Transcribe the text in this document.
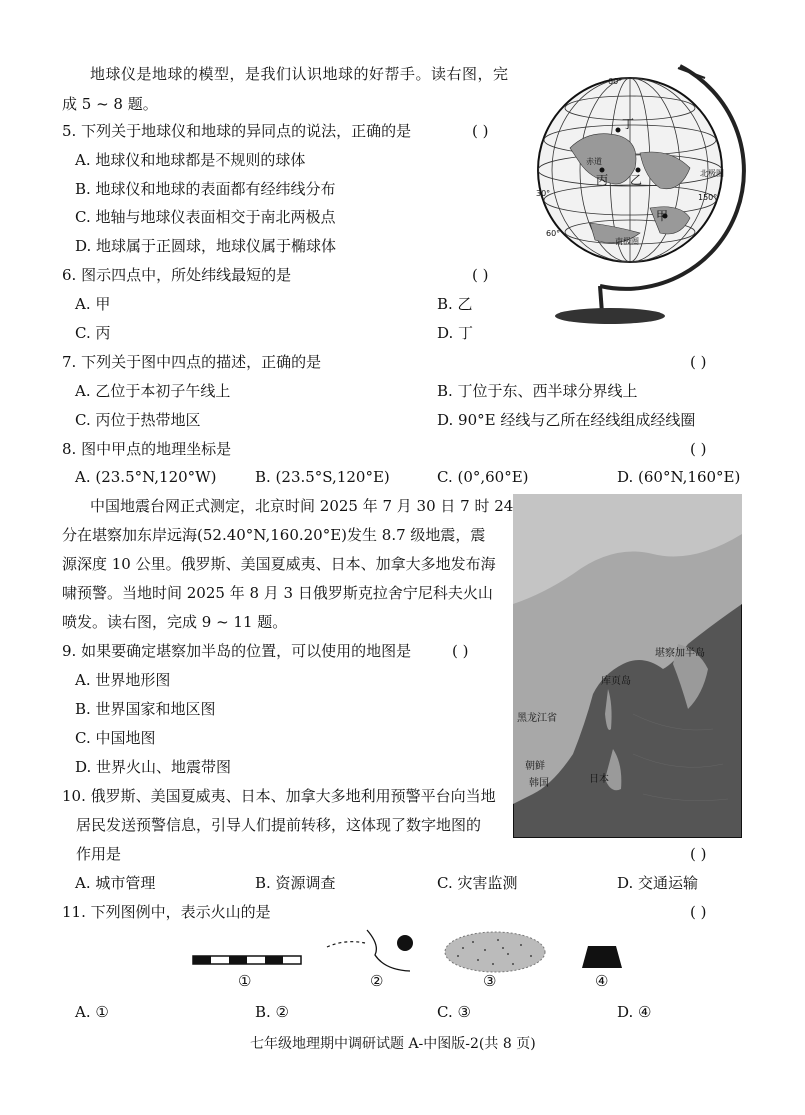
地球仪是地球的模型，是我们认识地球的好帮手。读右图，完
成 5 ~ 8 题。
5. 下列关于地球仪和地球的异同点的说法，正确的是	( )
A. 地球仪和地球都是不规则的球体
B. 地球仪和地球的表面都有经纬线分布
C. 地轴与地球仪表面相交于南北两极点
D. 地球属于正圆球，地球仪属于椭球体
6. 图示四点中，所处纬线最短的是	( )
A. 甲	B. 乙
C. 丙	D. 丁
7. 下列关于图中四点的描述，正确的是	( )
A. 乙位于本初子午线上	B. 丁位于东、西半球分界线上
C. 丙位于热带地区	D. 90°E 经线与乙所在经线组成经线圈
8. 图中甲点的地理坐标是	( )
A. (23.5°N,120°W)	B. (23.5°S,120°E)	C. (0°,60°E)	D. (60°N,160°E)
中国地震台网正式测定，北京时间 2025 年 7 月 30 日 7 时 24
分在堪察加东岸远海(52.40°N,160.20°E)发生 8.7 级地震，震
源深度 10 公里。俄罗斯、美国夏威夷、日本、加拿大多地发布海
啸预警。当地时间 2025 年 8 月 3 日俄罗斯克拉舍宁尼科夫火山
喷发。读右图，完成 9 ~ 11 题。
9. 如果要确定堪察加半岛的位置，可以使用的地图是	( )
A. 世界地形图
B. 世界国家和地区图
C. 中国地图
D. 世界火山、地震带图
10. 俄罗斯、美国夏威夷、日本、加拿大多地利用预警平台向当地
居民发送预警信息，引导人们提前转移，这体现了数字地图的
作用是	( )
A. 城市管理	B. 资源调查	C. 灾害监测	D. 交通运输
11. 下列图例中，表示火山的是	( )
①	②	③	④
A. ①	B. ②	C. ③	D. ④
七年级地理期中调研试题 A-中图版-2(共 8 页)
60°
30°
赤道
150°
60°
南极圈
北极圈
丁
丙 乙
甲
堪察加半岛
库页岛
黑龙江省
朝鲜
韩国	日本
